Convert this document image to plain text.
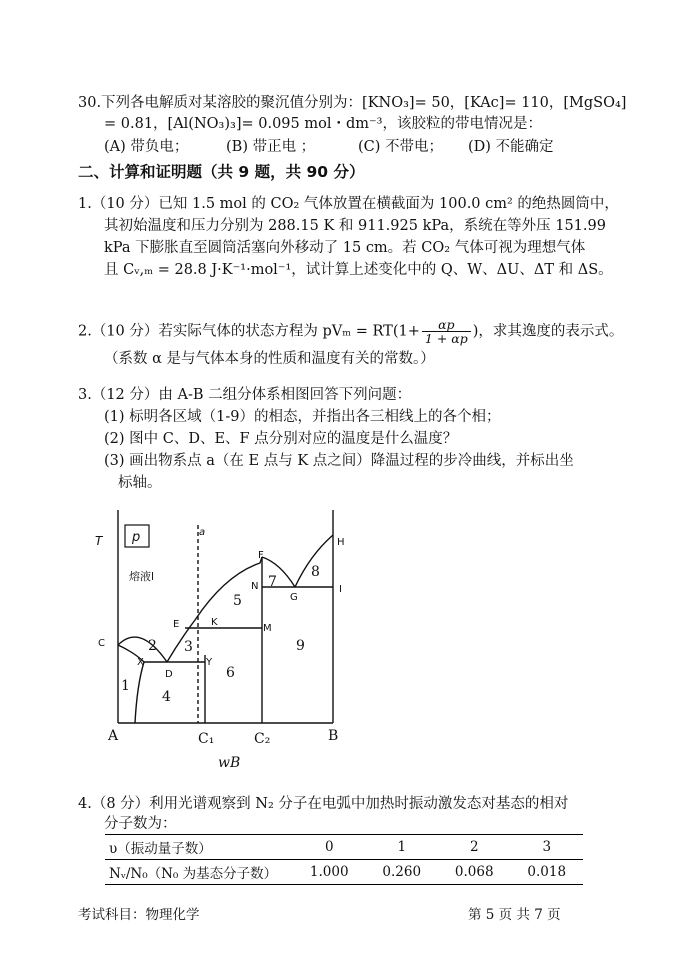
30.下列各电解质对某溶胶的聚沉值分别为：[KNO₃]= 50，[KAc]= 110，[MgSO₄]
= 0.81，[Al(NO₃)₃]= 0.095 mol・dm⁻³，该胶粒的带电情况是：
(A) 带负电；	(B) 带正电 ；	(C) 不带电； (D) 不能确定
二、计算和证明题（共 9 题，共 90 分）
1.（10 分）已知 1.5 mol 的 CO₂ 气体放置在横截面为 100.0 cm² 的绝热圆筒中，
其初始温度和压力分别为 288.15 K 和 911.925 kPa，系统在等外压 151.99
kPa 下膨胀直至圆筒活塞向外移动了 15 cm。若 CO₂ 气体可视为理想气体
且 Cᵥ,ₘ = 28.8 J·K⁻¹·mol⁻¹，试计算上述变化中的 Q、W、ΔU、ΔT 和 ΔS。
2.（10 分）若实际气体的状态方程为 $pV_m = RT(1+ \frac{\alpha p}{1 + \alpha p}$ )，求其逸度的表示式。
（系数 α 是与气体本身的性质和温度有关的常数。）
3.（12 分）由 A-B 二组分体系相图回答下列问题：
(1) 标明各区域（1-9）的相态，并指出各三相线上的各个相；
(2) 图中 C、D、E、F 点分别对应的温度是什么温度？
(3) 画出物系点 a（在 E 点与 K 点之间）降温过程的步冷曲线，并标出坐
标轴。
T p
熔液l
a
C
X
D
Y
E	K
M
N
F
G
H
I
1
2 3
4
5
6
7
8
9
A	C₁	C₂	B
wB
4.（8 分）利用光谱观察到 N₂ 分子在电弧中加热时振动激发态对基态的相对
分子数为：
υ（振动量子数）	0	1	2	3
Nᵥ/N₀（N₀ 为基态分子数）	1.000	0.260	0.068	0.018
考试科目：物理化学	第 5 页 共 7 页
